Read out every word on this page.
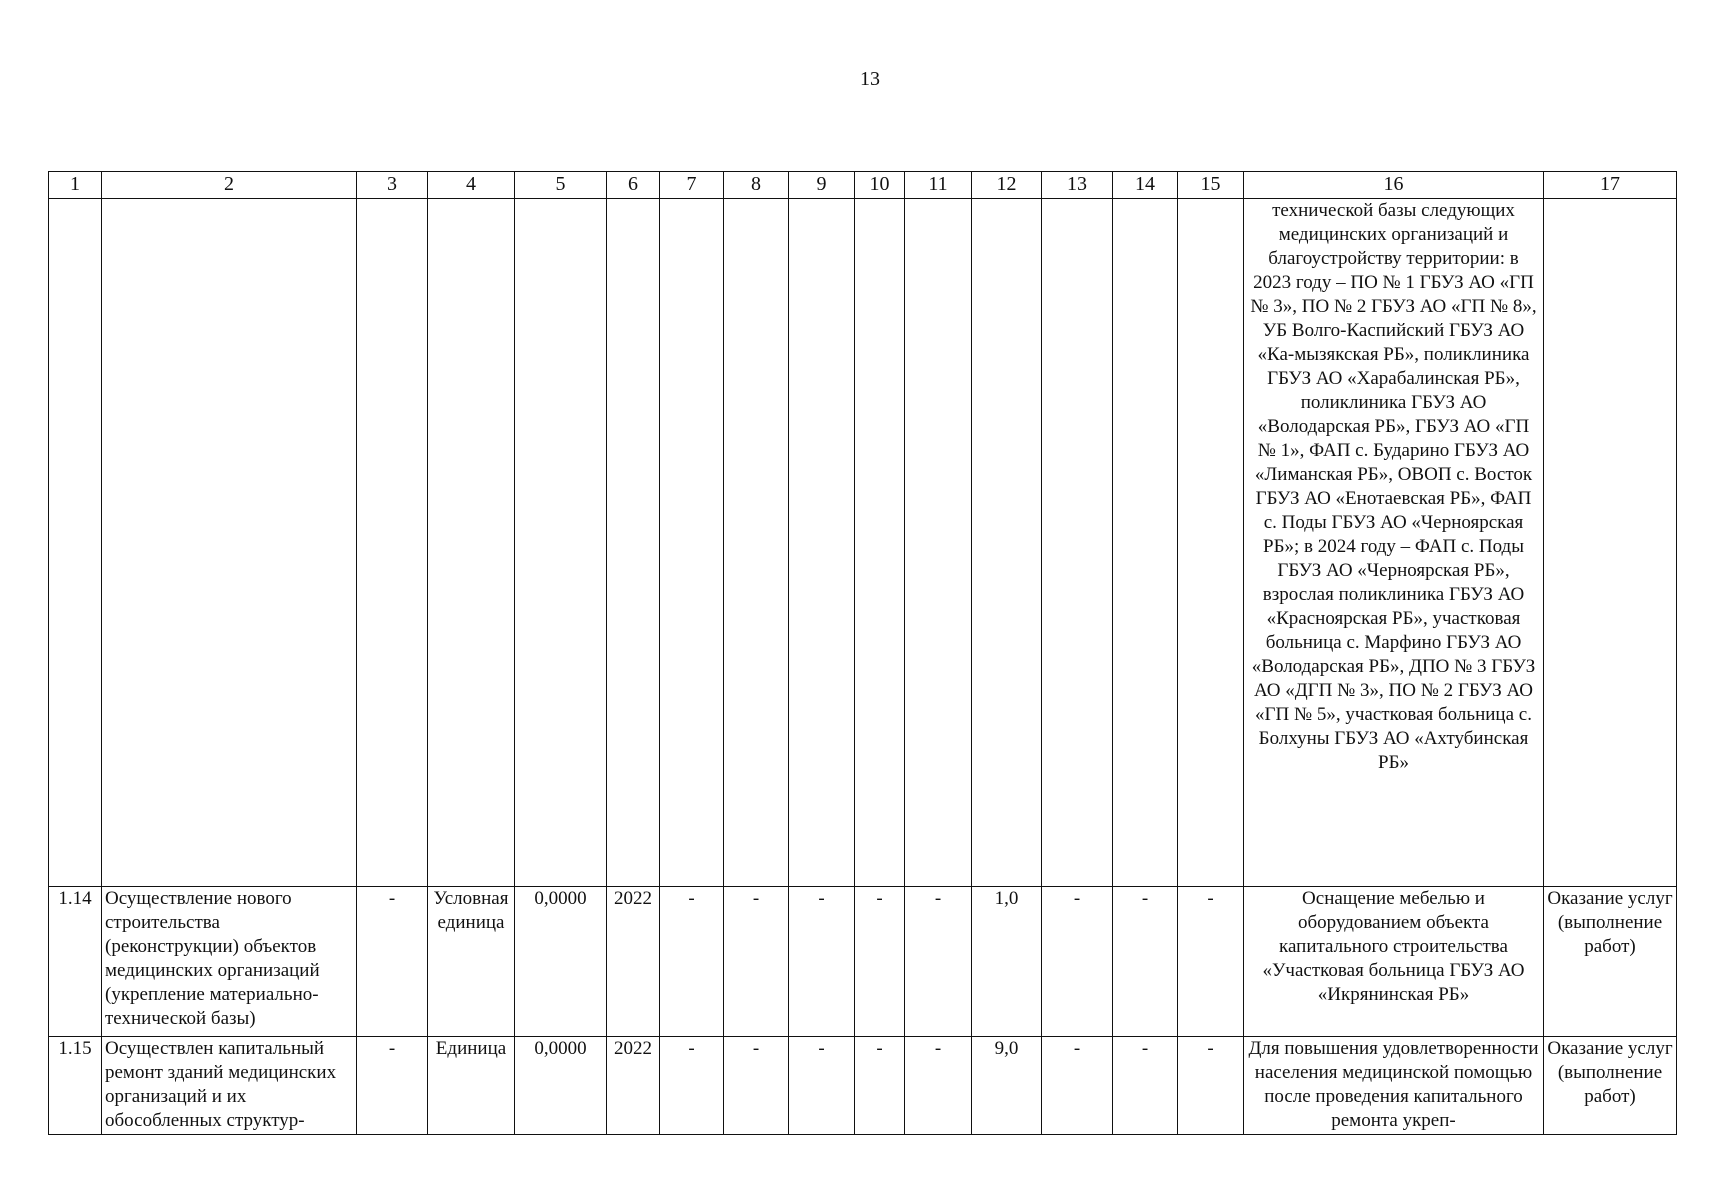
13
1	2	3	4	5	6	7	8	9	10	11	12	13	14	15	16	17
															технической базы следующих медицинских организаций и благоустройству территории: в 2023 году – ПО № 1 ГБУЗ АО «ГП № 3», ПО № 2 ГБУЗ АО «ГП № 8», УБ Волго-Каспийский ГБУЗ АО «Ка-мызякская РБ», поликлиника ГБУЗ АО «Харабалинская РБ», поликлиника ГБУЗ АО «Володарская РБ», ГБУЗ АО «ГП № 1», ФАП с. Бударино ГБУЗ АО «Лиманская РБ», ОВОП с. Восток ГБУЗ АО «Енотаевская РБ», ФАП с. Поды ГБУЗ АО «Черноярская РБ»; в 2024 году – ФАП с. Поды ГБУЗ АО «Черноярская РБ», взрослая поликлиника ГБУЗ АО «Красноярская РБ», участковая больница с. Марфино ГБУЗ АО «Володарская РБ», ДПО № 3 ГБУЗ АО «ДГП № 3», ПО № 2 ГБУЗ АО «ГП № 5», участковая больница с. Болхуны ГБУЗ АО «Ахтубинская РБ»	
1.14	Осуществление нового строительства (реконструкции) объектов медицинских организаций (укрепление материально-технической базы)	-	Условная единица	0,0000	2022	-	-	-	-	-	1,0	-	-	-	Оснащение мебелью и оборудованием объекта капитального строительства «Участковая больница ГБУЗ АО «Икрянинская РБ»	Оказание услуг (выполнение работ)
1.15	Осуществлен капитальный ремонт зданий медицинских организаций и их обособленных структур-	-	Единица	0,0000	2022	-	-	-	-	-	9,0	-	-	-	Для повышения удовлетворенности населения медицинской помощью после проведения капитального ремонта укреп-	Оказание услуг (выполнение работ)
